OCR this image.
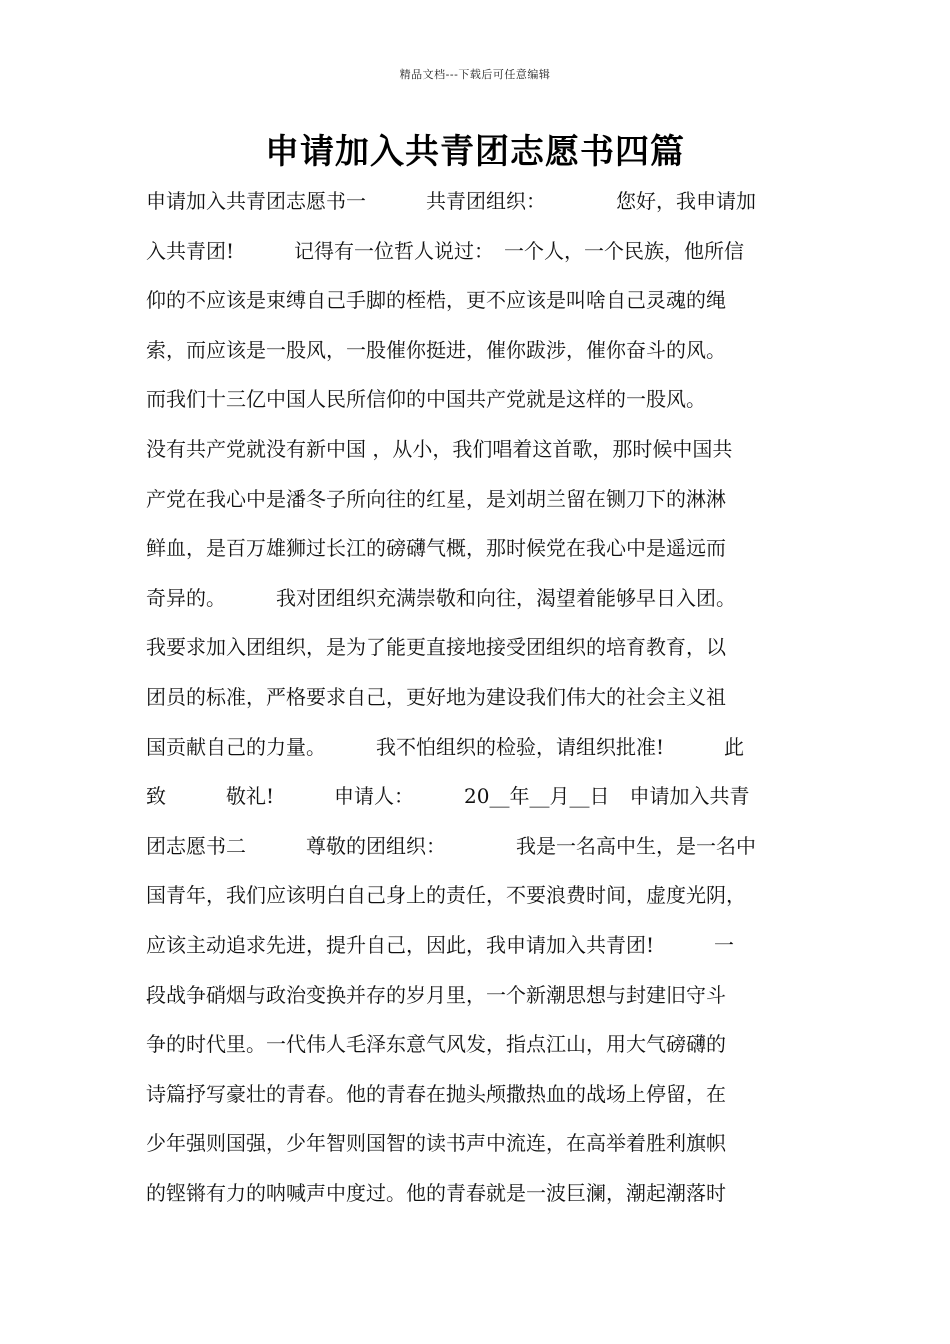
精品文档---下载后可任意编辑
申请加入共青团志愿书四篇
申请加入共青团志愿书一　　　共青团组织：　　　　您好，我申请加
入共青团!　　　记得有一位哲人说过：　一个人，一个民族，他所信
仰的不应该是束缚自己手脚的桎梏，更不应该是叫啥自己灵魂的绳
索，而应该是一股风，一股催你挺进，催你跋涉，催你奋斗的风。
而我们十三亿中国人民所信仰的中国共产党就是这样的一股风。
没有共产党就没有新中国 ，从小，我们唱着这首歌，那时候中国共
产党在我心中是潘冬子所向往的红星，是刘胡兰留在铡刀下的淋淋
鲜血，是百万雄狮过长江的磅礴气概，那时候党在我心中是遥远而
奇异的。　　　我对团组织充满崇敬和向往，渴望着能够早日入团。
我要求加入团组织，是为了能更直接地接受团组织的培育教育，以
团员的标准，严格要求自己，更好地为建设我们伟大的社会主义祖
国贡献自己的力量。　　　我不怕组织的检验，请组织批准!　　　此
致　　　敬礼!　　　申请人：　　　20__年__月__日　申请加入共青
团志愿书二　　　尊敬的团组织：　　　　我是一名高中生，是一名中
国青年，我们应该明白自己身上的责任，不要浪费时间，虚度光阴，
应该主动追求先进，提升自己，因此，我申请加入共青团!　　　一
段战争硝烟与政治变换并存的岁月里，一个新潮思想与封建旧守斗
争的时代里。一代伟人毛泽东意气风发，指点江山，用大气磅礴的
诗篇抒写豪壮的青春。他的青春在抛头颅撒热血的战场上停留，在
少年强则国强，少年智则国智的读书声中流连，在高举着胜利旗帜
的铿锵有力的呐喊声中度过。他的青春就是一波巨澜，潮起潮落时
